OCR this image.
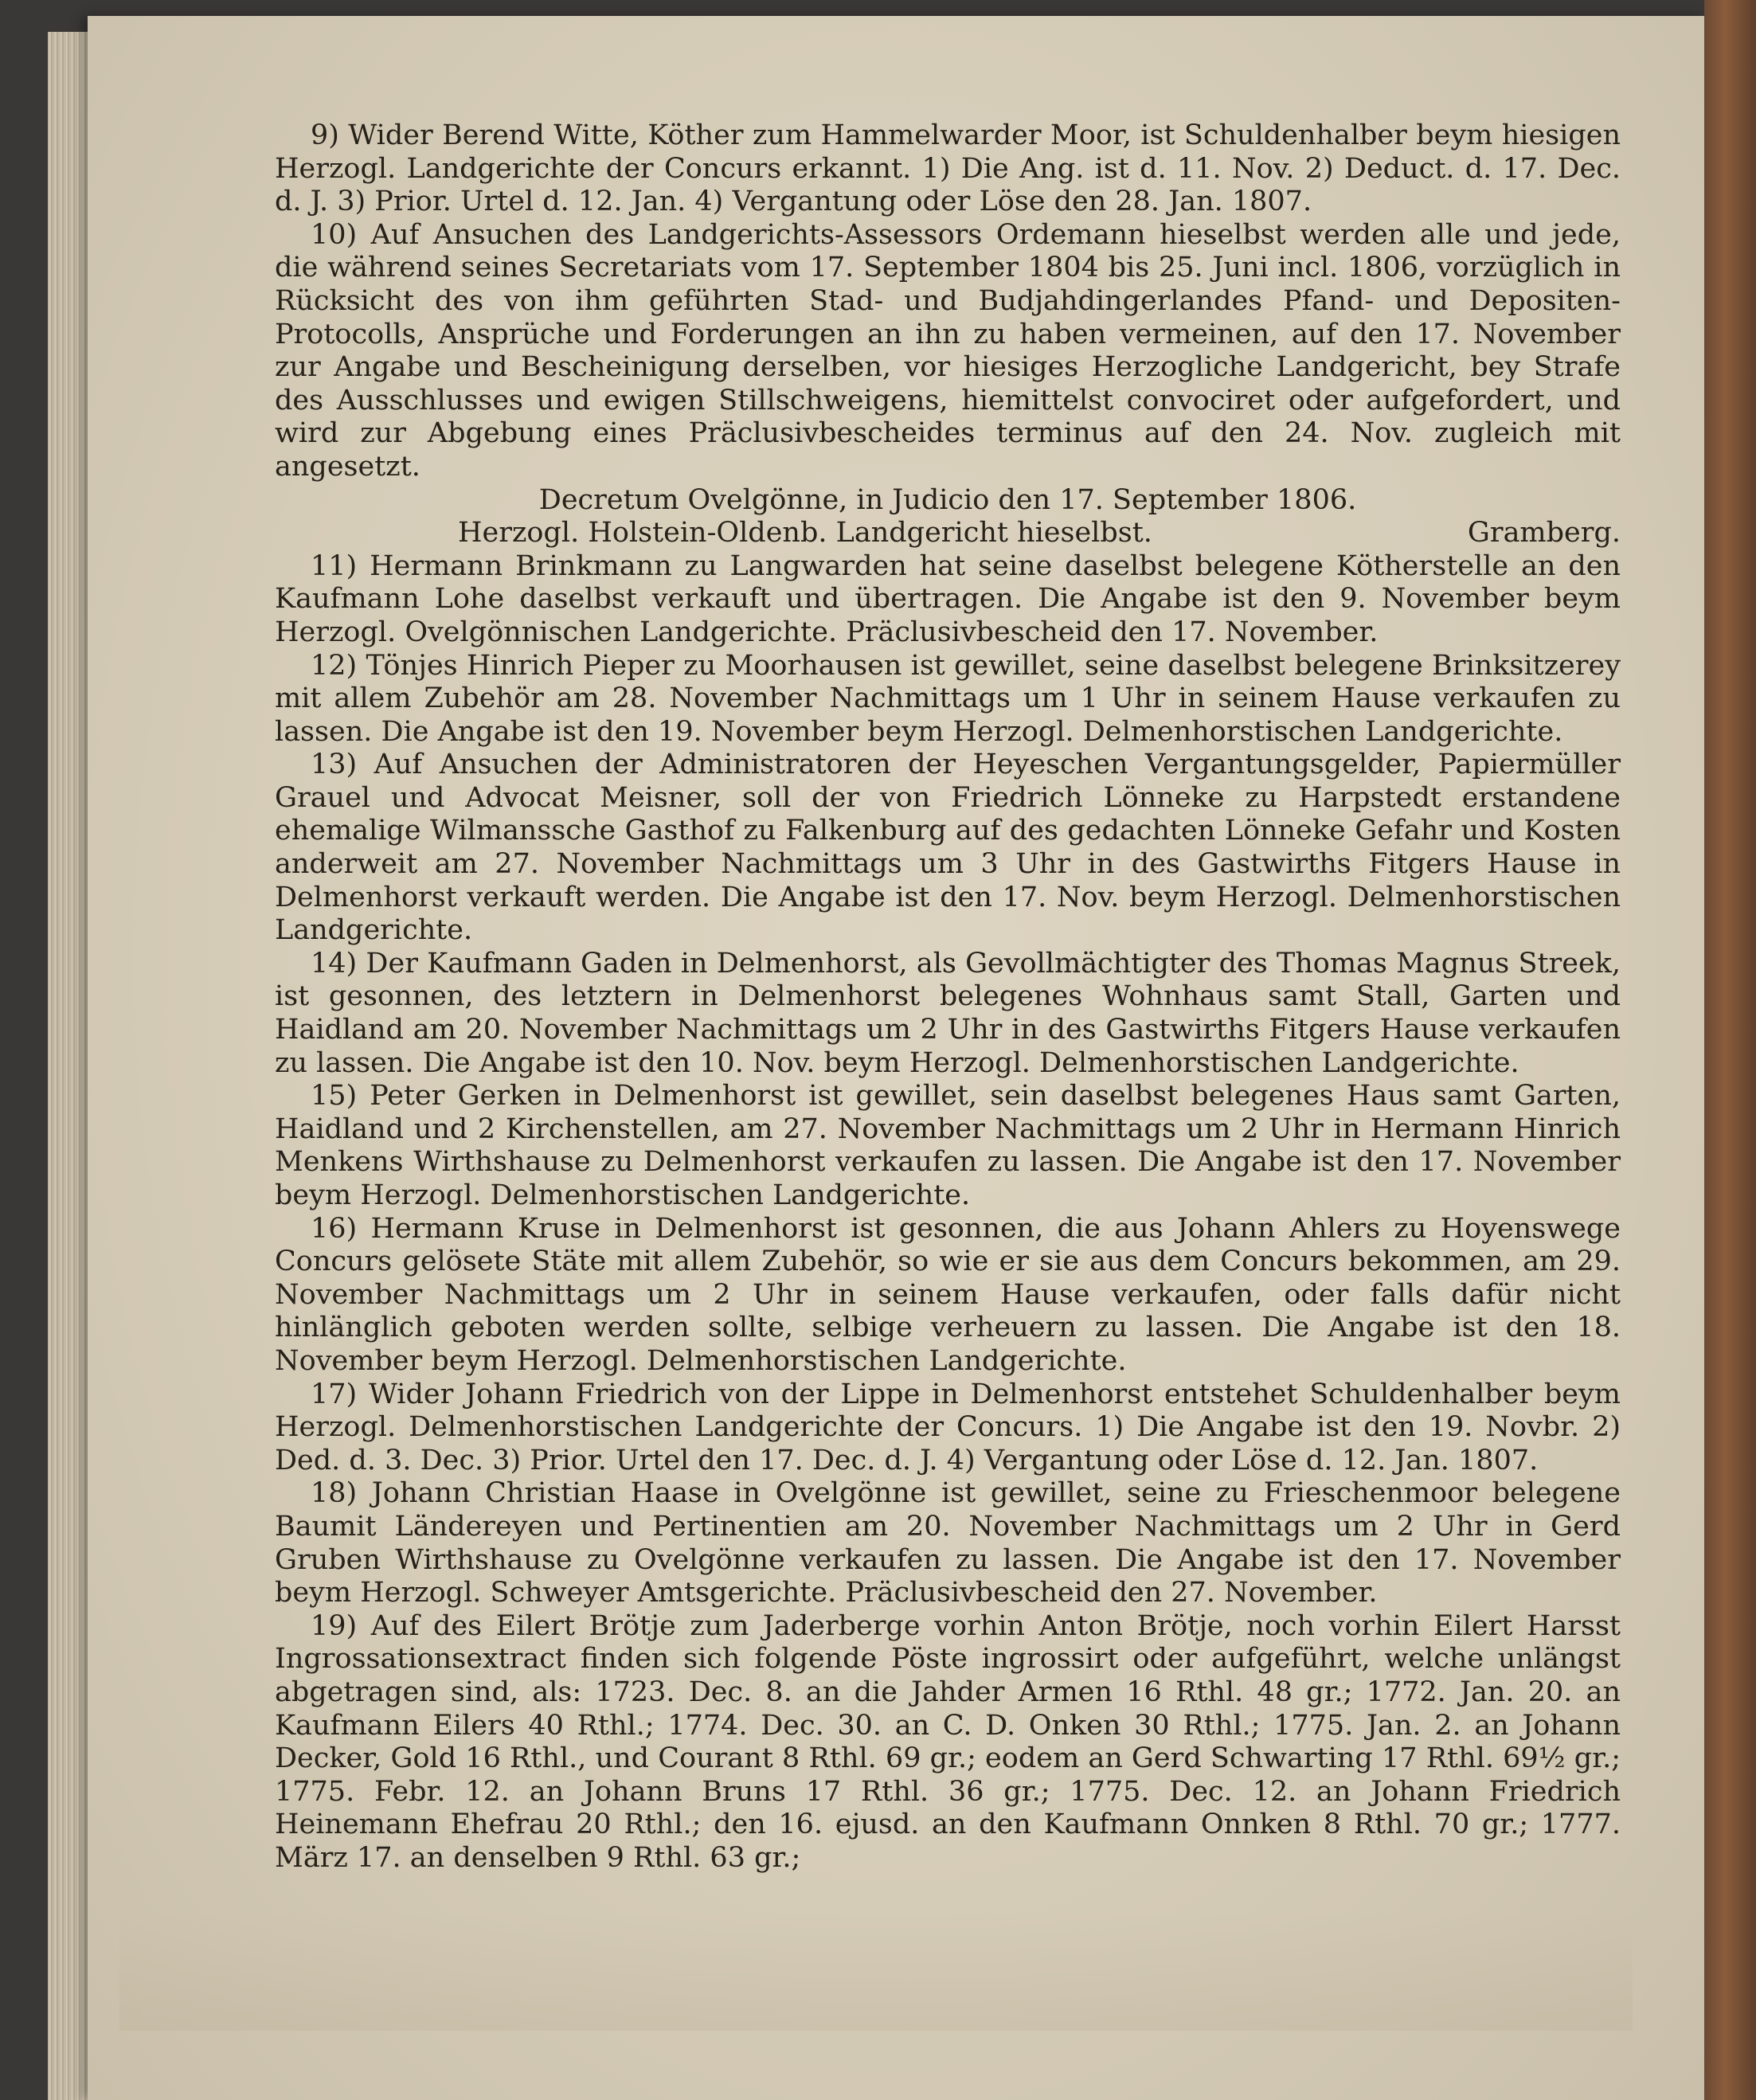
9) Wider Berend Witte, Köther zum Hammelwarder Moor, ist Schuldenhalber beym hiesigen Herzogl. Landgerichte der Concurs erkannt. 1) Die Ang. ist d. 11. Nov. 2) Deduct. d. 17. Dec. d. J. 3) Prior. Urtel d. 12. Jan. 4) Vergantung oder Löse den 28. Jan. 1807.

10) Auf Ansuchen des Landgerichts-Assessors Ordemann hieselbst werden alle und jede, die während seines Secretariats vom 17. September 1804 bis 25. Juni incl. 1806, vorzüglich in Rücksicht des von ihm geführten Stad- und Budjahdingerlandes Pfand- und Depositen-Protocolls, Ansprüche und Forderungen an ihn zu haben vermeinen, auf den 17. November zur Angabe und Bescheinigung derselben, vor hiesiges Herzogliche Landgericht, bey Strafe des Ausschlusses und ewigen Stillschweigens, hiemittelst convociret oder aufgefordert, und wird zur Abgebung eines Präclusivbescheides terminus auf den 24. Nov. zugleich mit angesetzt.

Decretum Ovelgönne, in Judicio den 17. September 1806.

Herzogl. Holstein-Oldenb. Landgericht hieselbst.	Gramberg.

11) Hermann Brinkmann zu Langwarden hat seine daselbst belegene Kötherstelle an den Kaufmann Lohe daselbst verkauft und übertragen. Die Angabe ist den 9. November beym Herzogl. Ovelgönnischen Landgerichte. Präclusivbescheid den 17. November.

12) Tönjes Hinrich Pieper zu Moorhausen ist gewillet, seine daselbst belegene Brinksitzerey mit allem Zubehör am 28. November Nachmittags um 1 Uhr in seinem Hause verkaufen zu lassen. Die Angabe ist den 19. November beym Herzogl. Delmenhorstischen Landgerichte.

13) Auf Ansuchen der Administratoren der Heyeschen Vergantungsgelder, Papiermüller Grauel und Advocat Meisner, soll der von Friedrich Lönneke zu Harpstedt erstandene ehemalige Wilmanssche Gasthof zu Falkenburg auf des gedachten Lönneke Gefahr und Kosten anderweit am 27. November Nachmittags um 3 Uhr in des Gastwirths Fitgers Hause in Delmenhorst verkauft werden. Die Angabe ist den 17. Nov. beym Herzogl. Delmenhorstischen Landgerichte.

14) Der Kaufmann Gaden in Delmenhorst, als Gevollmächtigter des Thomas Magnus Streek, ist gesonnen, des letztern in Delmenhorst belegenes Wohnhaus samt Stall, Garten und Haidland am 20. November Nachmittags um 2 Uhr in des Gastwirths Fitgers Hause verkaufen zu lassen. Die Angabe ist den 10. Nov. beym Herzogl. Delmenhorstischen Landgerichte.

15) Peter Gerken in Delmenhorst ist gewillet, sein daselbst belegenes Haus samt Garten, Haidland und 2 Kirchenstellen, am 27. November Nachmittags um 2 Uhr in Hermann Hinrich Menkens Wirthshause zu Delmenhorst verkaufen zu lassen. Die Angabe ist den 17. November beym Herzogl. Delmenhorstischen Landgerichte.

16) Hermann Kruse in Delmenhorst ist gesonnen, die aus Johann Ahlers zu Hoyenswege Concurs gelösete Stäte mit allem Zubehör, so wie er sie aus dem Concurs bekommen, am 29. November Nachmittags um 2 Uhr in seinem Hause verkaufen, oder falls dafür nicht hinlänglich geboten werden sollte, selbige verheuern zu lassen. Die Angabe ist den 18. November beym Herzogl. Delmenhorstischen Landgerichte.

17) Wider Johann Friedrich von der Lippe in Delmenhorst entstehet Schuldenhalber beym Herzogl. Delmenhorstischen Landgerichte der Concurs. 1) Die Angabe ist den 19. Novbr. 2) Ded. d. 3. Dec. 3) Prior. Urtel den 17. Dec. d. J. 4) Vergantung oder Löse d. 12. Jan. 1807.

18) Johann Christian Haase in Ovelgönne ist gewillet, seine zu Frieschenmoor belegene Baumit Ländereyen und Pertinentien am 20. November Nachmittags um 2 Uhr in Gerd Gruben Wirthshause zu Ovelgönne verkaufen zu lassen. Die Angabe ist den 17. November beym Herzogl. Schweyer Amtsgerichte. Präclusivbescheid den 27. November.

19) Auf des Eilert Brötje zum Jaderberge vorhin Anton Brötje, noch vorhin Eilert Harsst Ingrossationsextract finden sich folgende Pöste ingrossirt oder aufgeführt, welche unlängst abgetragen sind, als: 1723. Dec. 8. an die Jahder Armen 16 Rthl. 48 gr.; 1772. Jan. 20. an Kaufmann Eilers 40 Rthl.; 1774. Dec. 30. an C. D. Onken 30 Rthl.; 1775. Jan. 2. an Johann Decker, Gold 16 Rthl., und Courant 8 Rthl. 69 gr.; eodem an Gerd Schwarting 17 Rthl. 69½ gr.; 1775. Febr. 12. an Johann Bruns 17 Rthl. 36 gr.; 1775. Dec. 12. an Johann Friedrich Heinemann Ehefrau 20 Rthl.; den 16. ejusd. an den Kaufmann Onnken 8 Rthl. 70 gr.; 1777. März 17. an denselben 9 Rthl. 63 gr.;
